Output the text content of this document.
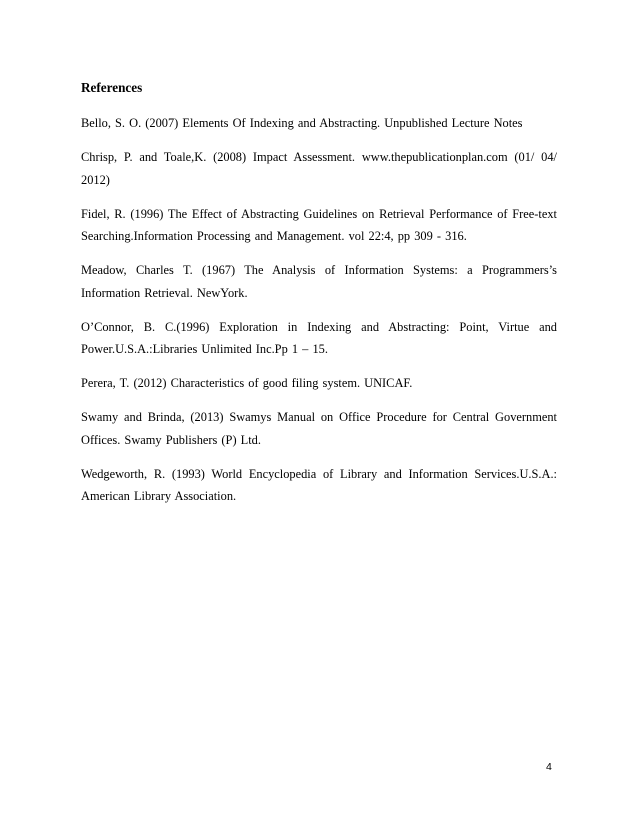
References
Bello, S. O. (2007) Elements Of Indexing and Abstracting. Unpublished Lecture Notes
Chrisp, P. and Toale,K. (2008) Impact Assessment. www.thepublicationplan.com (01/ 04/ 2012)
Fidel, R. (1996) The Effect of Abstracting Guidelines on Retrieval Performance of Free-text Searching.Information Processing and Management. vol 22:4, pp 309 - 316.
Meadow, Charles T. (1967) The Analysis of Information Systems: a Programmers’s Information Retrieval. NewYork.
O’Connor, B. C.(1996) Exploration in Indexing and Abstracting: Point, Virtue and Power.U.S.A.:Libraries Unlimited Inc.Pp 1 – 15.
Perera, T. (2012) Characteristics of good filing system. UNICAF.
Swamy and Brinda, (2013) Swamys Manual on Office Procedure for Central Government Offices. Swamy Publishers (P) Ltd.
Wedgeworth, R. (1993) World Encyclopedia of Library and Information Services.U.S.A.: American Library Association.
4
